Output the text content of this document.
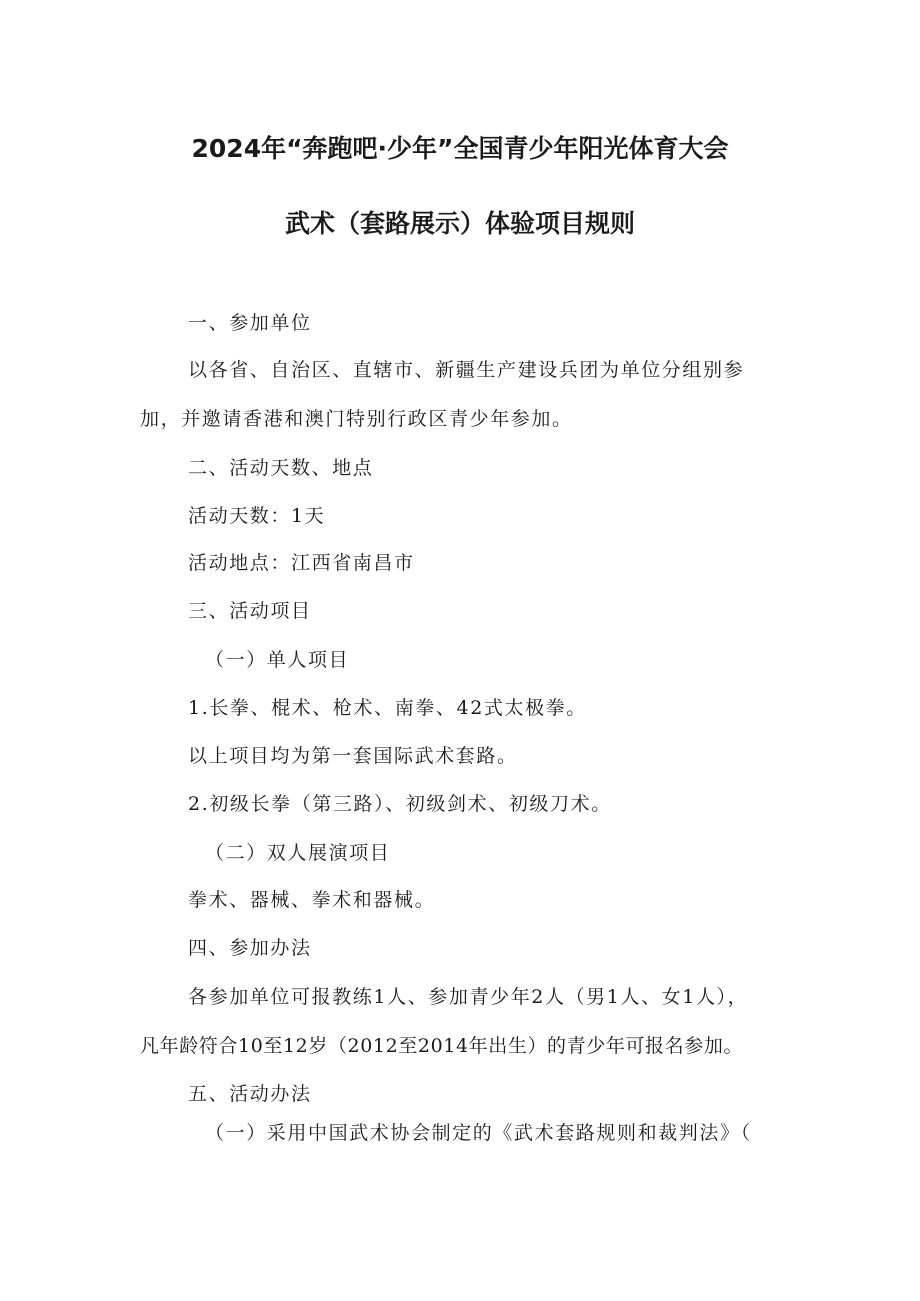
2024年“奔跑吧·少年”全国青少年阳光体育大会
武术（套路展示）体验项目规则

一、参加单位

以各省、自治区、直辖市、新疆生产建设兵团为单位分组别参

加，并邀请香港和澳门特别行政区青少年参加。

二、活动天数、地点

活动天数：1天

活动地点：江西省南昌市

三、活动项目

（一）单人项目

1.长拳、棍术、枪术、南拳、42式太极拳。

以上项目均为第一套国际武术套路。

2.初级长拳（第三路）、初级剑术、初级刀术。

（二）双人展演项目

拳术、器械、拳术和器械。

四、参加办法

各参加单位可报教练1人、参加青少年2人（男1人、女1人），

凡年龄符合10至12岁（2012至2014年出生）的青少年可报名参加。

五、活动办法

（一）采用中国武术协会制定的《武术套路规则和裁判法》（
